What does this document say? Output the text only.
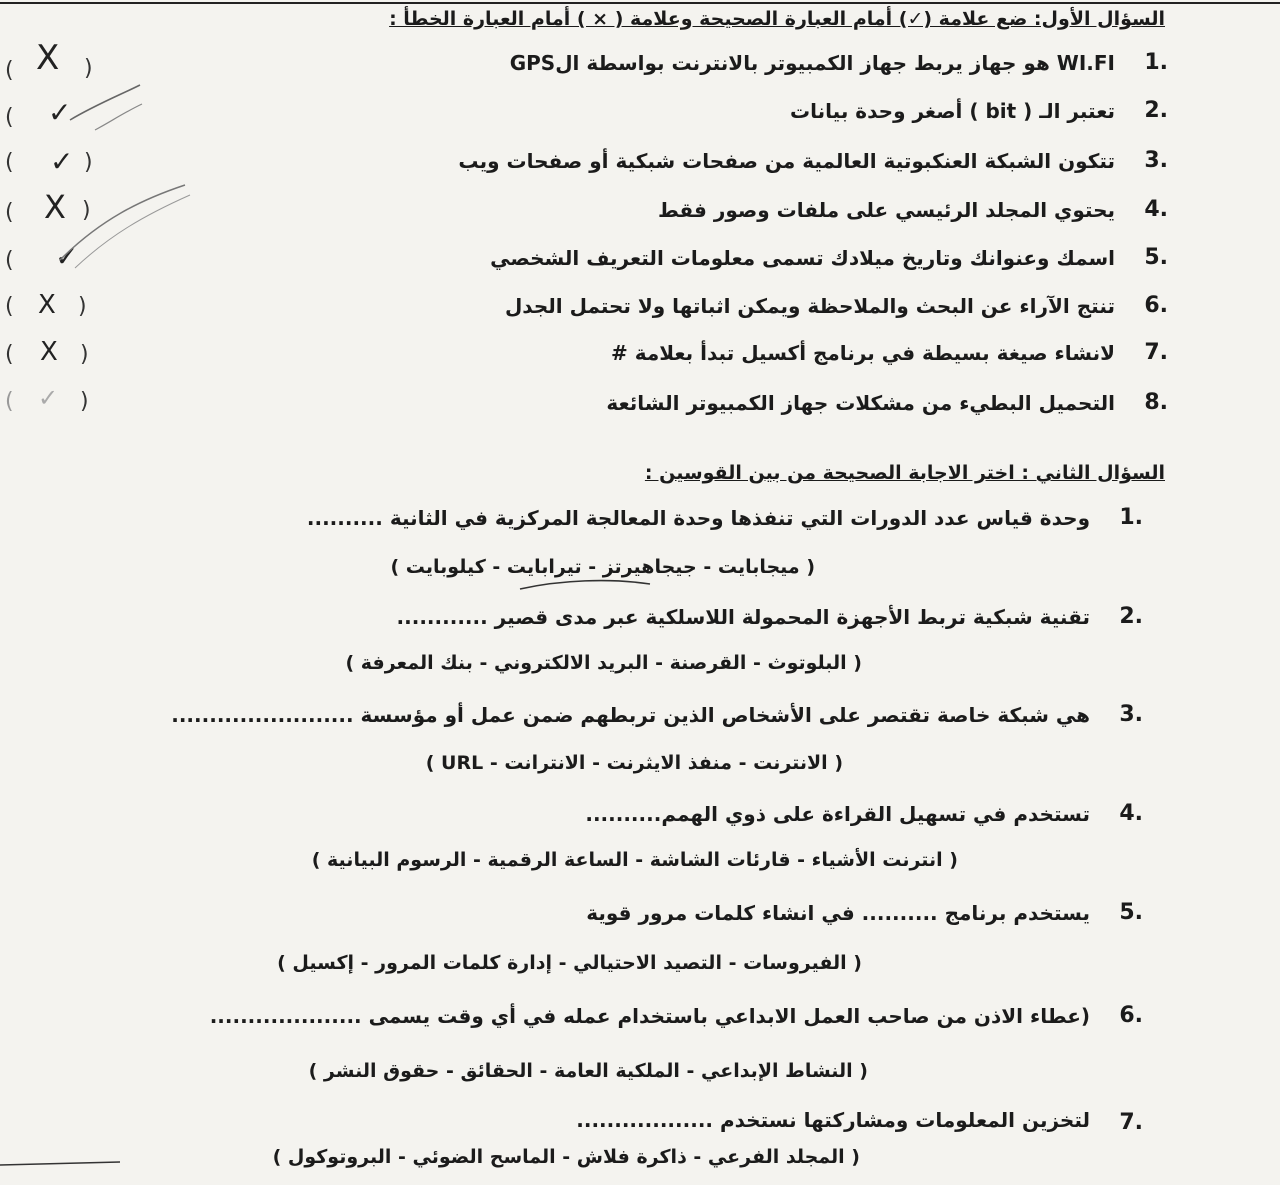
السؤال الأول: ضع علامة (✓) أمام العبارة الصحيحة وعلامة ( × ) أمام العبارة الخطأ :
1.
GPSهو جهاز يربط جهاز الكمبيوتر بالانترنت بواسطة ال WI.FI
2.
تعتبر الـ ( bit ) أصغر وحدة بيانات
3.
تتكون الشبكة العنكبوتية العالمية من صفحات شبكية أو صفحات ويب
4.
يحتوي المجلد الرئيسي على ملفات وصور فقط
5.
اسمك وعنوانك وتاريخ ميلادك تسمى معلومات التعريف الشخصي
6.
تنتج الآراء عن البحث والملاحظة ويمكن اثباتها ولا تحتمل الجدل
7.
لانشاء صيغة بسيطة في برنامج أكسيل تبدأ بعلامة #
8.
التحميل البطيء من مشكلات جهاز الكمبيوتر الشائعة
( X )
( ✓
( ✓ )
( X )
( ✓
( X )
( X )
( ✓ )
السؤال الثاني : اختر الاجابة الصحيحة من بين القوسين :
1.
وحدة قياس عدد الدورات التي تنفذها وحدة المعالجة المركزية في الثانية ..........
( ميجابايت - جيجاهيرتز - تيرابايت - كيلوبايت )
2.
تقنية شبكية تربط الأجهزة المحمولة اللاسلكية عبر مدى قصير ............
( البلوتوث - القرصنة - البريد الالكتروني - بنك المعرفة )
3.
هي شبكة خاصة تقتصر على الأشخاص الذين تربطهم ضمن عمل أو مؤسسة ........................
( الانترنت - منفذ الايثرنت - الانترانت - URL )
4.
تستخدم في تسهيل القراءة على ذوي الهمم..........
( انترنت الأشياء - قارئات الشاشة - الساعة الرقمية - الرسوم البيانية )
5.
يستخدم برنامج .......... في انشاء كلمات مرور قوية
( الفيروسات - التصيد الاحتيالي - إدارة كلمات المرور - إكسيل )
6.
(عطاء الاذن من صاحب العمل الابداعي باستخدام عمله في أي وقت يسمى ....................
( النشاط الإبداعي - الملكية العامة - الحقائق - حقوق النشر )
7.
لتخزين المعلومات ومشاركتها نستخدم ..................
( المجلد الفرعي - ذاكرة فلاش - الماسح الضوئي - البروتوكول )
